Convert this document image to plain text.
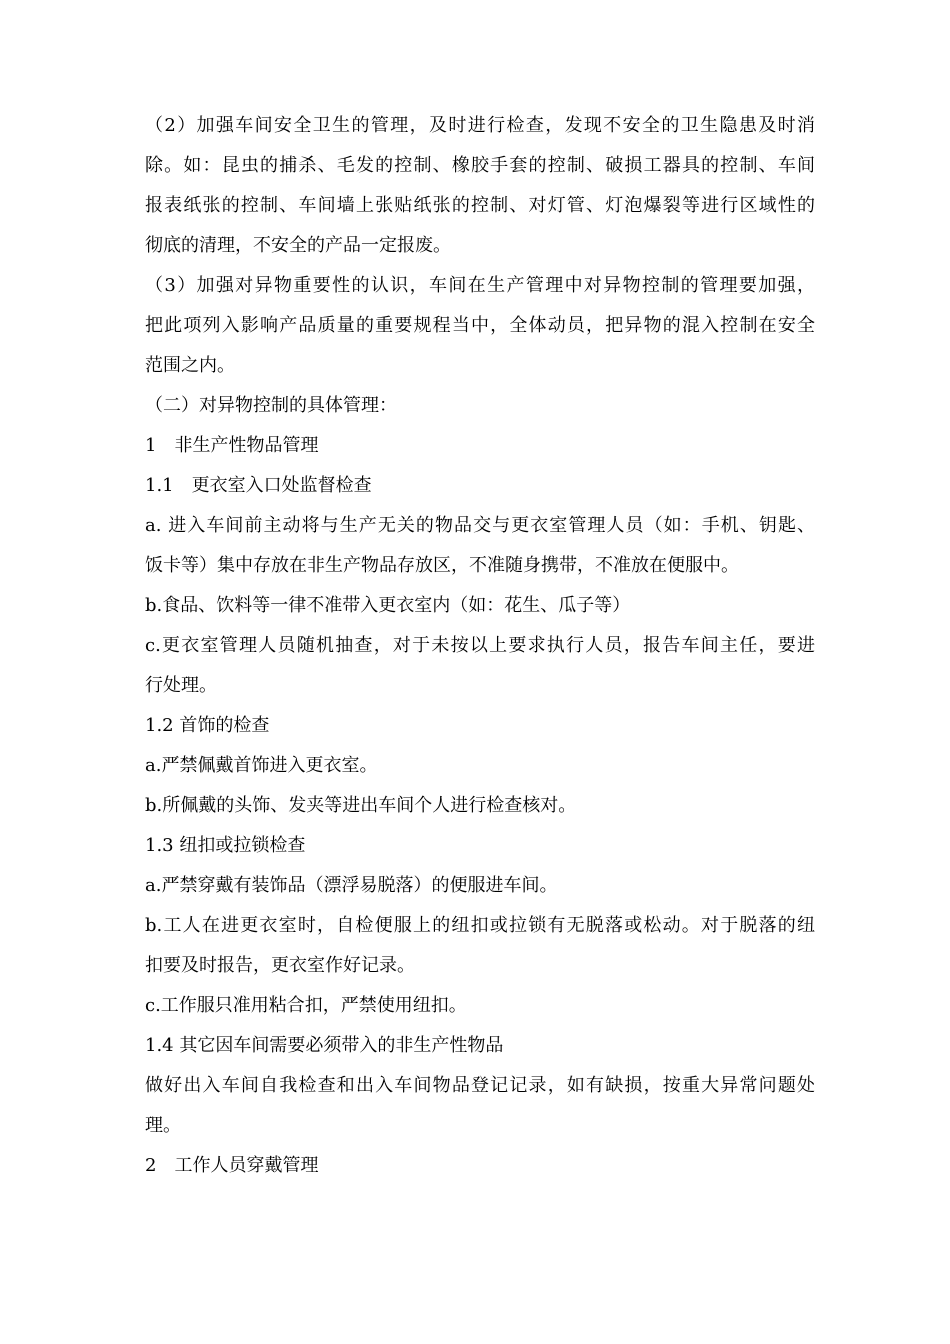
（2）加强车间安全卫生的管理，及时进行检查，发现不安全的卫生隐患及时消
除。如：昆虫的捕杀、毛发的控制、橡胶手套的控制、破损工器具的控制、车间
报表纸张的控制、车间墙上张贴纸张的控制、对灯管、灯泡爆裂等进行区域性的
彻底的清理，不安全的产品一定报废。
（3）加强对异物重要性的认识，车间在生产管理中对异物控制的管理要加强，
把此项列入影响产品质量的重要规程当中，全体动员，把异物的混入控制在安全
范围之内。
（二）对异物控制的具体管理：
1　非生产性物品管理
1.1　更衣室入口处监督检查
a. 进入车间前主动将与生产无关的物品交与更衣室管理人员（如：手机、钥匙、
饭卡等）集中存放在非生产物品存放区，不准随身携带，不准放在便服中。
b.食品、饮料等一律不准带入更衣室内（如：花生、瓜子等）
c.更衣室管理人员随机抽查，对于未按以上要求执行人员，报告车间主任，要进
行处理。
1.2 首饰的检查
a.严禁佩戴首饰进入更衣室。
b.所佩戴的头饰、发夹等进出车间个人进行检查核对。
1.3 纽扣或拉锁检查
a.严禁穿戴有装饰品（漂浮易脱落）的便服进车间。
b.工人在进更衣室时，自检便服上的纽扣或拉锁有无脱落或松动。对于脱落的纽
扣要及时报告，更衣室作好记录。
c.工作服只准用粘合扣，严禁使用纽扣。
1.4 其它因车间需要必须带入的非生产性物品
做好出入车间自我检查和出入车间物品登记记录，如有缺损，按重大异常问题处
理。
2　工作人员穿戴管理
